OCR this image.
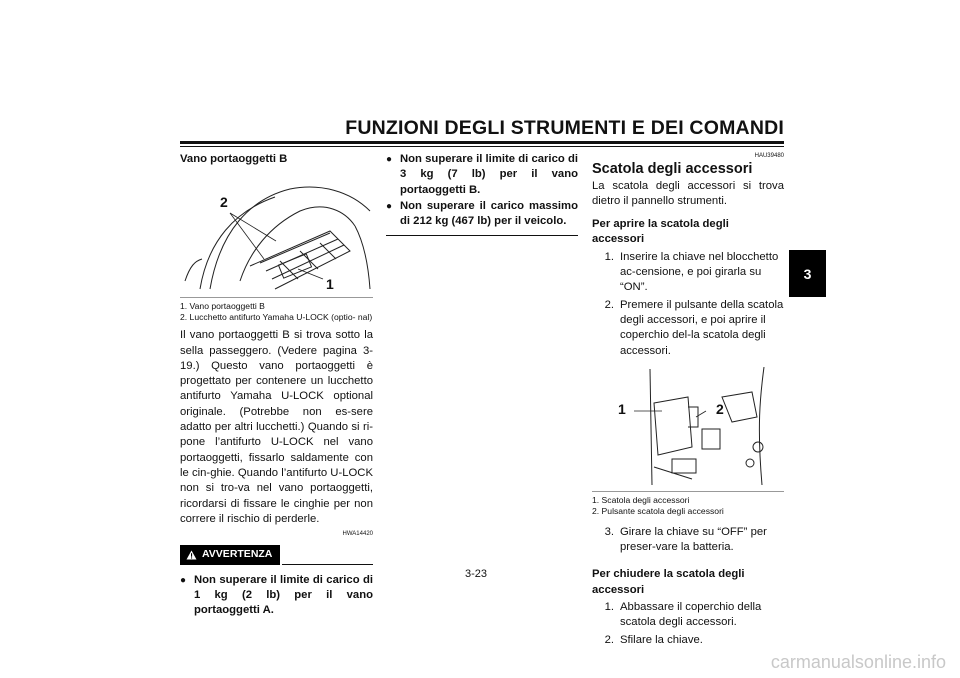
FUNZIONI DEGLI STRUMENTI E DEI COMANDI
3
Vano portaoggetti B
2
1
1. Vano portaoggetti B
2. Lucchetto antifurto Yamaha U-LOCK (optio- nal)

Il vano portaoggetti B si trova sotto la sella passeggero. (Vedere pagina 3-19.) Questo vano portaoggetti è progettato per contenere un lucchetto antifurto Yamaha U-LOCK optional originale. (Potrebbe non es-sere adatto per altri lucchetti.) Quando si ri-pone l’antifurto U-LOCK nel vano portaoggetti, fissarlo saldamente con le cin-ghie. Quando l’antifurto U-LOCK non si tro-va nel vano portaoggetti, ricordarsi di fissare le cinghie per non correre il rischio di perderle.

HWA14420
AVVERTENZA
● Non superare il limite di carico di 1 kg (2 lb) per il vano portaoggetti A.
● Non superare il limite di carico di 3 kg (7 lb) per il vano portaoggetti B.
● Non superare il carico massimo di 212 kg (467 lb) per il veicolo.
HAU39480
Scatola degli accessori

La scatola degli accessori si trova dietro il pannello strumenti.

Per aprire la scatola degli accessori
1. Inserire la chiave nel blocchetto ac-censione, e poi girarla su “ON”.
2. Premere il pulsante della scatola degli accessori, e poi aprire il coperchio del-la scatola degli accessori.
1	2
1. Scatola degli accessori
2. Pulsante scatola degli accessori
3. Girare la chiave su “OFF” per preser-vare la batteria.
Per chiudere la scatola degli accessori
1. Abbassare il coperchio della scatola degli accessori.
2. Sfilare la chiave.
3-23
carmanualsonline.info
